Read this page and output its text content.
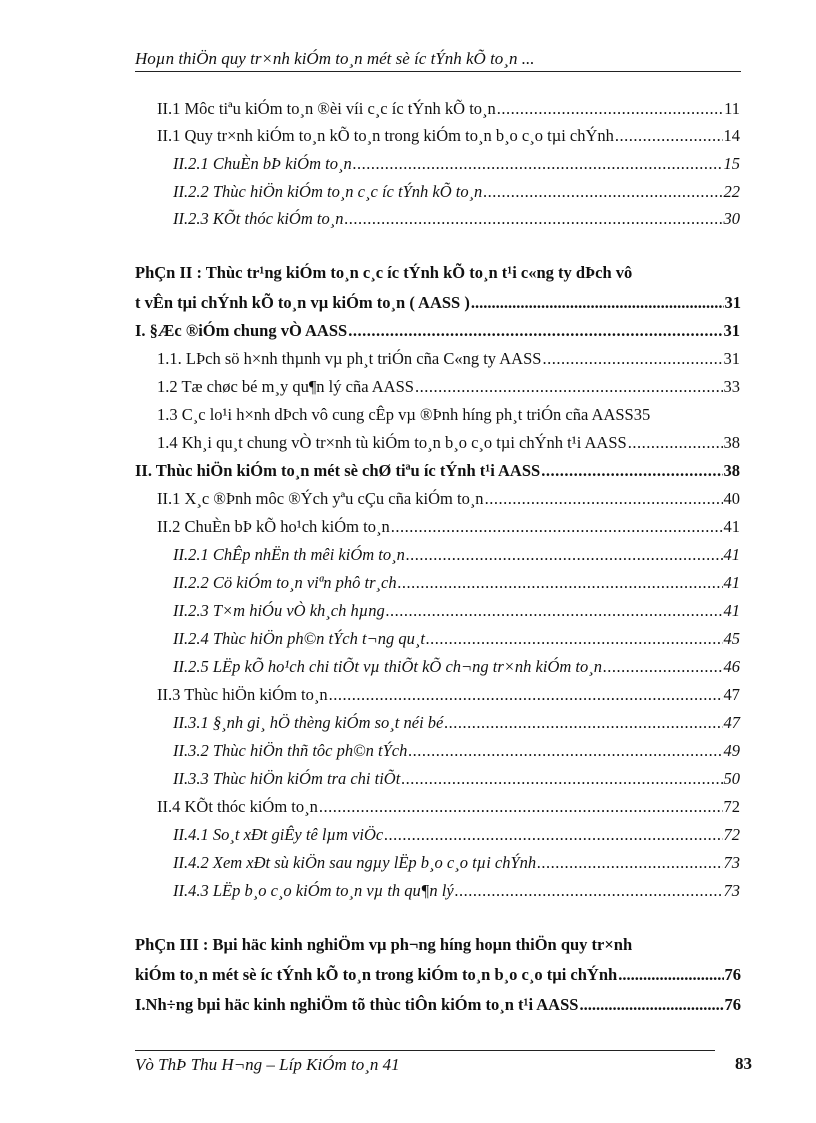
Hoµn thiÖn quy tr×nh kiÓm to¸n mét sè íc tÝnh kÕ to¸n ...
II.1 Môc tiªu kiÓm to¸n ®èi víi c¸c íc tÝnh kÕ to¸n .....	11
II.1 Quy tr×nh kiÓm to¸n kÕ to¸n trong kiÓm to¸n b¸o c¸o tµi chÝnh .....	14
II.2.1 ChuÈn bÞ kiÓm to¸n .....	15
II.2.2 Thùc hiÖn kiÓm to¸n c¸c íc tÝnh kÕ to¸n .....	22
II.2.3 KÕt thóc kiÓm to¸n .....	30
PhÇn II : Thùc tr¹ng kiÓm to¸n c¸c íc tÝnh kÕ to¸n t¹i c«ng ty dÞch vô
t vÊn tµi chÝnh kÕ to¸n vµ kiÓm to¸n ( AASS ) .....	31
I. §Æc ®iÓm chung vÒ AASS .....	31
1.1. LÞch sö h×nh thµnh vµ ph¸t triÓn cña C«ng ty AASS .....	31
1.2 Tæ chøc bé m¸y qu¶n lý cña AASS .....	33
1.3 C¸c lo¹i h×nh dÞch vô cung cÊp vµ ®Þnh híng ph¸t triÓn cña AASS 35
1.4 Kh¸i qu¸t chung vÒ tr×nh tù kiÓm to¸n b¸o c¸o tµi chÝnh t¹i AASS .....	38
II. Thùc hiÖn kiÓm to¸n mét sè chØ tiªu íc tÝnh t¹i AASS .....	38
II.1 X¸c ®Þnh môc ®Ých yªu cÇu cña kiÓm to¸n .....	40
II.2 ChuÈn bÞ kÕ ho¹ch kiÓm to¸n .....	41
II.2.1 ChÊp nhËn th mêi kiÓm to¸n .....	41
II.2.2 Cö kiÓm to¸n viªn phô tr¸ch .....	41
II.2.3 T×m hiÓu vÒ kh¸ch hµng .....	41
II.2.4 Thùc hiÖn ph©n tÝch t¬ng qu¸t .....	45
II.2.5 LËp kÕ ho¹ch chi tiÕt vµ thiÕt kÕ ch¬ng tr×nh kiÓm to¸n .....	46
II.3 Thùc hiÖn kiÓm to¸n .....	47
II.3.1 §¸nh gi¸ hÖ thèng kiÓm so¸t néi bé .....	47
II.3.2 Thùc hiÖn thñ tôc ph©n tÝch .....	49
II.3.3 Thùc hiÖn kiÓm tra chi tiÕt .....	50
II.4 KÕt thóc kiÓm to¸n .....	72
II.4.1 So¸t xÐt giÊy tê lµm viÖc .....	72
II.4.2 Xem xÐt sù kiÖn sau ngµy lËp b¸o c¸o tµi chÝnh .....	73
II.4.3 LËp b¸o c¸o kiÓm to¸n vµ th qu¶n lý .....	73
PhÇn III : Bµi häc kinh nghiÖm vµ ph¬ng híng hoµn thiÖn quy tr×nh
kiÓm to¸n mét sè íc tÝnh kÕ to¸n trong kiÓm to¸n b¸o c¸o tµi chÝnh .....	76
I.Nh÷ng bµi häc kinh nghiÖm tõ thùc tiÔn kiÓm to¸n t¹i AASS .....	76
Vò ThÞ Thu H¬ng – Líp KiÓm to¸n 41	83
